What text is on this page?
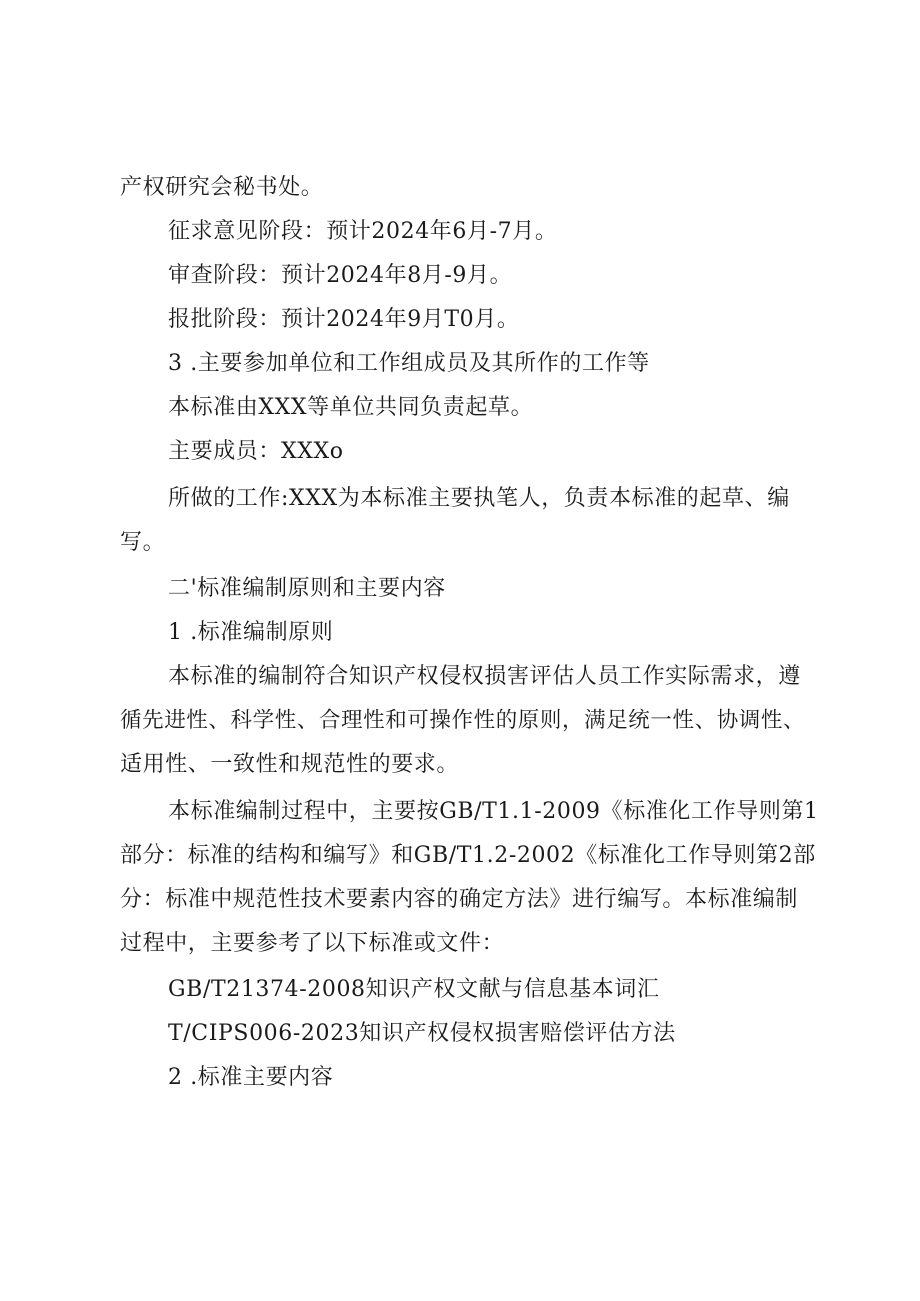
产权研究会秘书处。
征求意见阶段：预计2024年6月-7月。
审查阶段：预计2024年8月-9月。
报批阶段：预计2024年9月T0月。
3 .主要参加单位和工作组成员及其所作的工作等
本标准由XXX等单位共同负责起草。
主要成员：XXXo
所做的工作:XXX为本标准主要执笔人，负责本标准的起草、编
写。
二'标准编制原则和主要内容
1 .标准编制原则
本标准的编制符合知识产权侵权损害评估人员工作实际需求，遵
循先进性、科学性、合理性和可操作性的原则，满足统一性、协调性、
适用性、一致性和规范性的要求。
本标准编制过程中，主要按GB/T1.1-2009《标准化工作导则第1
部分：标准的结构和编写》和GB/T1.2-2002《标准化工作导则第2部
分：标准中规范性技术要素内容的确定方法》进行编写。本标准编制
过程中，主要参考了以下标准或文件：
GB/T21374-2008知识产权文献与信息基本词汇
T/CIPS006-2023知识产权侵权损害赔偿评估方法
2 .标准主要内容
